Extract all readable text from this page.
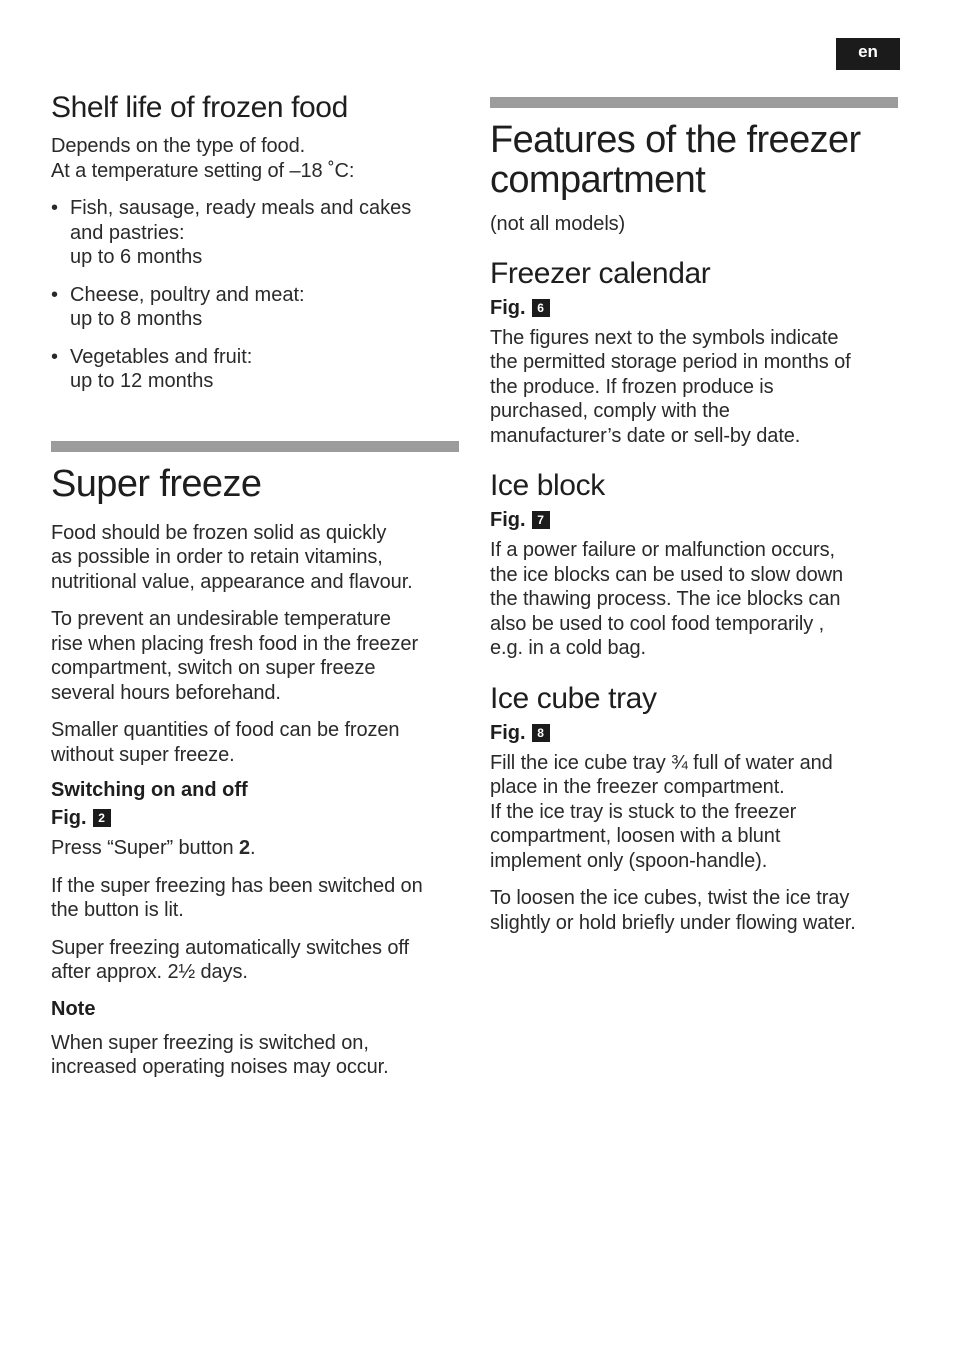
en
Shelf life of frozen food

Depends on the type of food.

At a temperature setting of –18 ˚C:

• Fish, sausage, ready meals and cakes
and pastries:
up to 6 months
• Cheese, poultry and meat:
up to 8 months
• Vegetables and fruit:
up to 12 months
Super freeze

Food should be frozen solid as quickly
as possible in order to retain vitamins,
nutritional value, appearance and flavour.

To prevent an undesirable temperature
rise when placing fresh food in the freezer
compartment, switch on super freeze
several hours beforehand.

Smaller quantities of food can be frozen
without super freeze.

Switching on and off
Fig. 2

Press “Super” button 2.

If the super freezing has been switched on
the button is lit.

Super freezing automatically switches off
after approx. 2½ days.

Note

When super freezing is switched on,
increased operating noises may occur.

Features of the freezer
compartment

(not all models)

Freezer calendar
Fig. 6

The figures next to the symbols indicate
the permitted storage period in months of
the produce. If frozen produce is
purchased, comply with the
manufacturer’s date or sell-by date.

Ice block
Fig. 7

If a power failure or malfunction occurs,
the ice blocks can be used to slow down
the thawing process. The ice blocks can
also be used to cool food temporarily ,
e.g. in a cold bag.

Ice cube tray
Fig. 8

Fill the ice cube tray ¾ full of water and
place in the freezer compartment.
If the ice tray is stuck to the freezer
compartment, loosen with a blunt
implement only (spoon-handle).

To loosen the ice cubes, twist the ice tray
slightly or hold briefly under flowing water.
